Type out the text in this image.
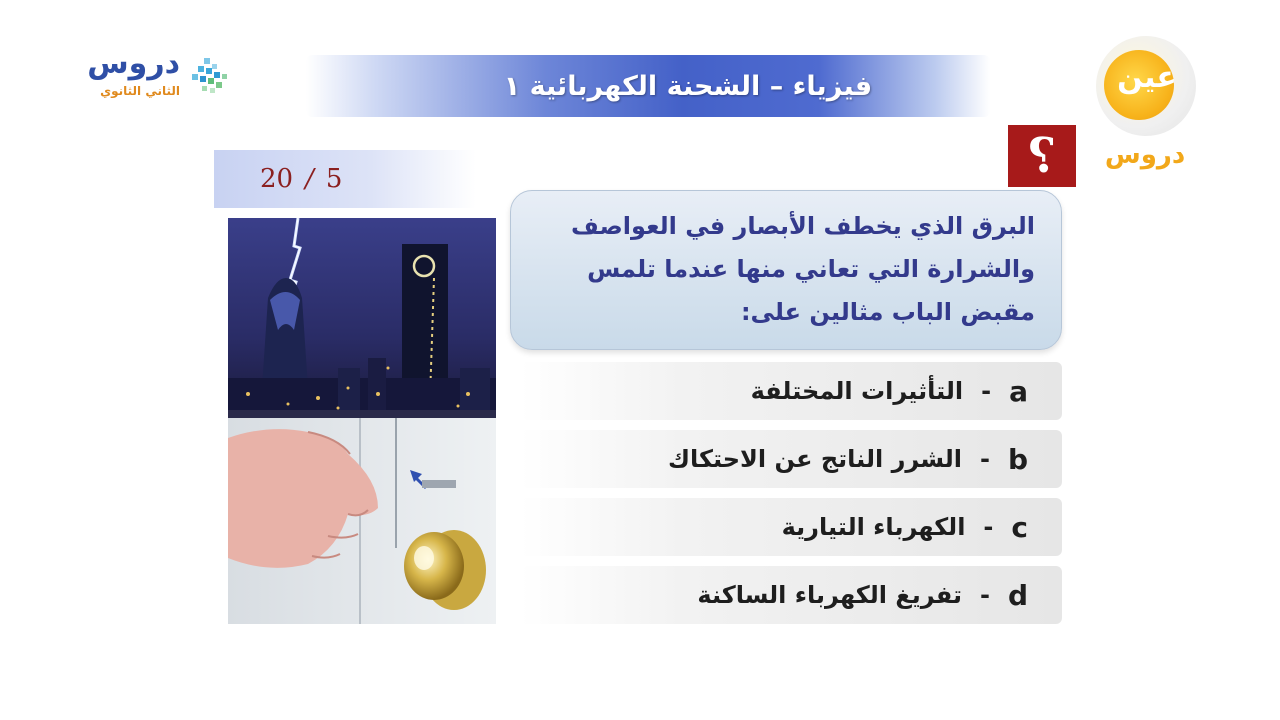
دروس
الثاني الثانوي	فيزياء – الشحنة الكهربائية ١	عين
دروس
?
20 / 5

البرق الذي يخطف الأبصار في العواصف والشرارة التي تعاني منها عندما تلمس مقبض الباب مثالين على:

التأثيرات المختلفة - a
الشرر الناتج عن الاحتكاك - b
الكهرباء التيارية - c
تفريغ الكهرباء الساكنة - d
